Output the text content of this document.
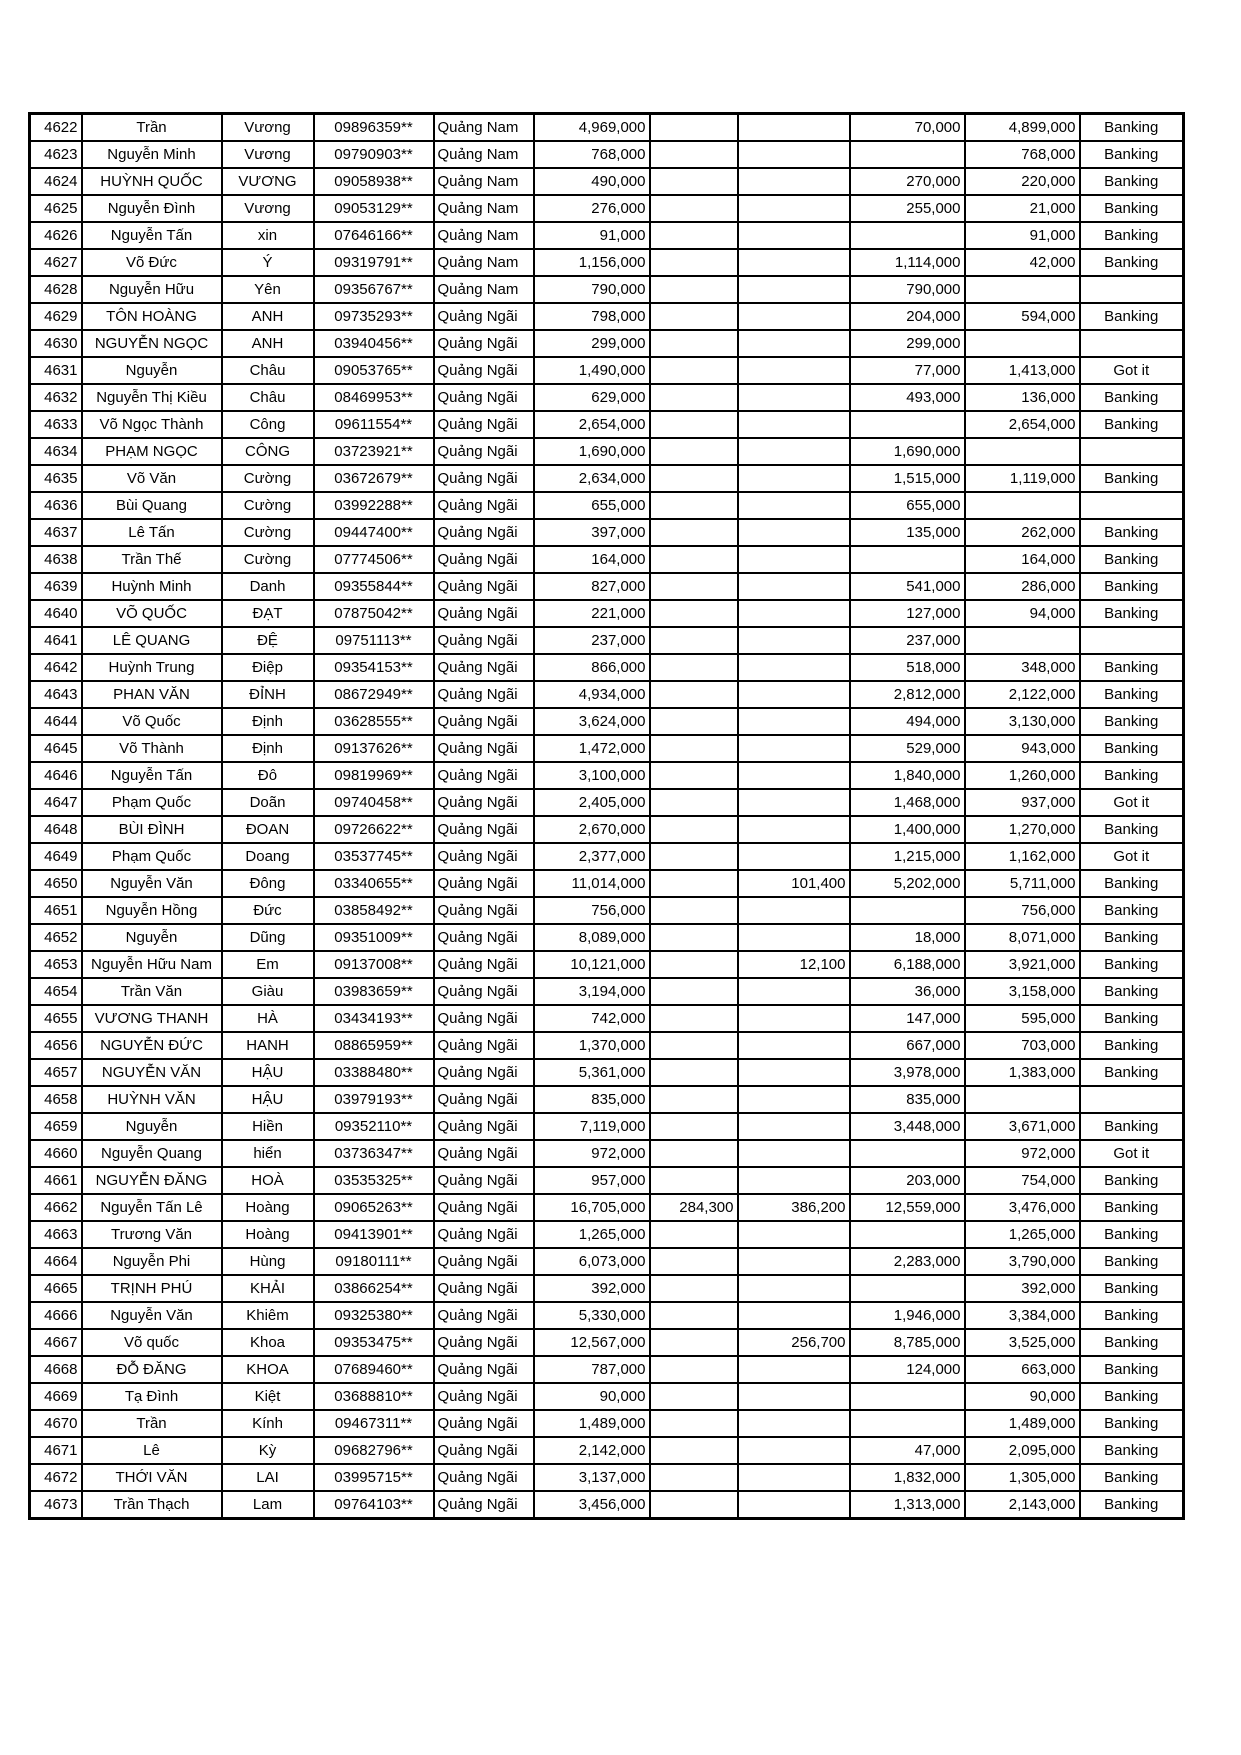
4622	Trần	Vương	09896359**	Quảng Nam	4,969,000			70,000	4,899,000	Banking
4623	Nguyễn Minh	Vương	09790903**	Quảng Nam	768,000				768,000	Banking
4624	HUỲNH QUỐC	VƯƠNG	09058938**	Quảng Nam	490,000			270,000	220,000	Banking
4625	Nguyễn Đình	Vương	09053129**	Quảng Nam	276,000			255,000	21,000	Banking
4626	Nguyễn Tấn	xin	07646166**	Quảng Nam	91,000				91,000	Banking
4627	Võ Đức	Ý	09319791**	Quảng Nam	1,156,000			1,114,000	42,000	Banking
4628	Nguyễn Hữu	Yên	09356767**	Quảng Nam	790,000			790,000		
4629	TÔN HOÀNG	ANH	09735293**	Quảng Ngãi	798,000			204,000	594,000	Banking
4630	NGUYỄN NGỌC	ANH	03940456**	Quảng Ngãi	299,000			299,000		
4631	Nguyễn	Châu	09053765**	Quảng Ngãi	1,490,000			77,000	1,413,000	Got it
4632	Nguyễn Thị Kiều	Châu	08469953**	Quảng Ngãi	629,000			493,000	136,000	Banking
4633	Võ Ngọc Thành	Công	09611554**	Quảng Ngãi	2,654,000				2,654,000	Banking
4634	PHẠM NGỌC	CÔNG	03723921**	Quảng Ngãi	1,690,000			1,690,000		
4635	Võ Văn	Cường	03672679**	Quảng Ngãi	2,634,000			1,515,000	1,119,000	Banking
4636	Bùi Quang	Cường	03992288**	Quảng Ngãi	655,000			655,000		
4637	Lê Tấn	Cường	09447400**	Quảng Ngãi	397,000			135,000	262,000	Banking
4638	Trần Thế	Cường	07774506**	Quảng Ngãi	164,000				164,000	Banking
4639	Huỳnh Minh	Danh	09355844**	Quảng Ngãi	827,000			541,000	286,000	Banking
4640	VÕ QUỐC	ĐẠT	07875042**	Quảng Ngãi	221,000			127,000	94,000	Banking
4641	LÊ QUANG	ĐỆ	09751113**	Quảng Ngãi	237,000			237,000		
4642	Huỳnh Trung	Điệp	09354153**	Quảng Ngãi	866,000			518,000	348,000	Banking
4643	PHAN VĂN	ĐỈNH	08672949**	Quảng Ngãi	4,934,000			2,812,000	2,122,000	Banking
4644	Võ Quốc	Định	03628555**	Quảng Ngãi	3,624,000			494,000	3,130,000	Banking
4645	Võ Thành	Định	09137626**	Quảng Ngãi	1,472,000			529,000	943,000	Banking
4646	Nguyễn Tấn	Đô	09819969**	Quảng Ngãi	3,100,000			1,840,000	1,260,000	Banking
4647	Phạm Quốc	Doãn	09740458**	Quảng Ngãi	2,405,000			1,468,000	937,000	Got it
4648	BÙI ĐÌNH	ĐOAN	09726622**	Quảng Ngãi	2,670,000			1,400,000	1,270,000	Banking
4649	Phạm Quốc	Doang	03537745**	Quảng Ngãi	2,377,000			1,215,000	1,162,000	Got it
4650	Nguyễn Văn	Đông	03340655**	Quảng Ngãi	11,014,000		101,400	5,202,000	5,711,000	Banking
4651	Nguyễn Hồng	Đức	03858492**	Quảng Ngãi	756,000				756,000	Banking
4652	Nguyễn	Dũng	09351009**	Quảng Ngãi	8,089,000			18,000	8,071,000	Banking
4653	Nguyễn Hữu Nam	Em	09137008**	Quảng Ngãi	10,121,000		12,100	6,188,000	3,921,000	Banking
4654	Trần Văn	Giàu	03983659**	Quảng Ngãi	3,194,000			36,000	3,158,000	Banking
4655	VƯƠNG THANH	HÀ	03434193**	Quảng Ngãi	742,000			147,000	595,000	Banking
4656	NGUYỄN ĐỨC	HANH	08865959**	Quảng Ngãi	1,370,000			667,000	703,000	Banking
4657	NGUYỄN VĂN	HẬU	03388480**	Quảng Ngãi	5,361,000			3,978,000	1,383,000	Banking
4658	HUỲNH VĂN	HẬU	03979193**	Quảng Ngãi	835,000			835,000		
4659	Nguyễn	Hiền	09352110**	Quảng Ngãi	7,119,000			3,448,000	3,671,000	Banking
4660	Nguyễn Quang	hiển	03736347**	Quảng Ngãi	972,000				972,000	Got it
4661	NGUYỄN ĐĂNG	HOÀ	03535325**	Quảng Ngãi	957,000			203,000	754,000	Banking
4662	Nguyễn Tấn Lê	Hoàng	09065263**	Quảng Ngãi	16,705,000	284,300	386,200	12,559,000	3,476,000	Banking
4663	Trương Văn	Hoàng	09413901**	Quảng Ngãi	1,265,000				1,265,000	Banking
4664	Nguyễn Phi	Hùng	09180111**	Quảng Ngãi	6,073,000			2,283,000	3,790,000	Banking
4665	TRỊNH PHÚ	KHẢI	03866254**	Quảng Ngãi	392,000				392,000	Banking
4666	Nguyễn Văn	Khiêm	09325380**	Quảng Ngãi	5,330,000			1,946,000	3,384,000	Banking
4667	Võ quốc	Khoa	09353475**	Quảng Ngãi	12,567,000		256,700	8,785,000	3,525,000	Banking
4668	ĐỖ ĐĂNG	KHOA	07689460**	Quảng Ngãi	787,000			124,000	663,000	Banking
4669	Tạ Đình	Kiệt	03688810**	Quảng Ngãi	90,000				90,000	Banking
4670	Trần	Kính	09467311**	Quảng Ngãi	1,489,000				1,489,000	Banking
4671	Lê	Kỳ	09682796**	Quảng Ngãi	2,142,000			47,000	2,095,000	Banking
4672	THỚI VĂN	LAI	03995715**	Quảng Ngãi	3,137,000			1,832,000	1,305,000	Banking
4673	Trần Thạch	Lam	09764103**	Quảng Ngãi	3,456,000			1,313,000	2,143,000	Banking
